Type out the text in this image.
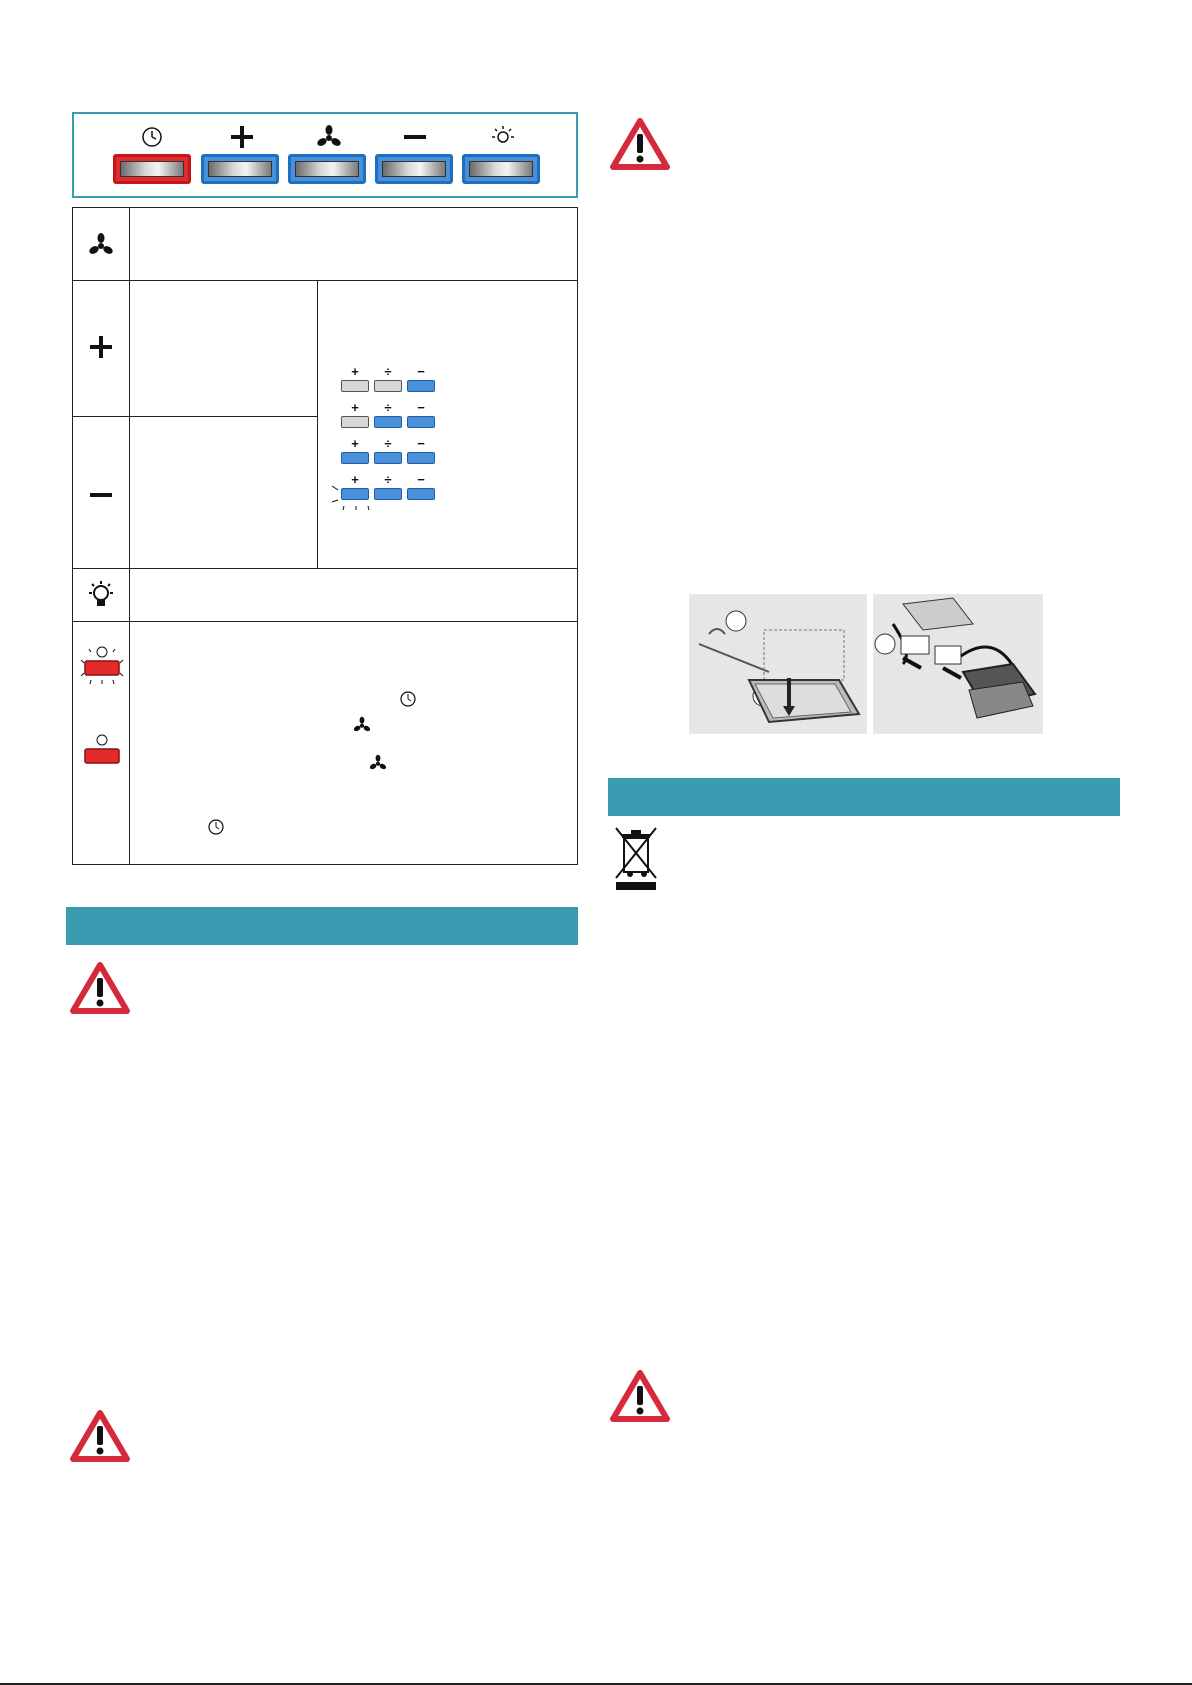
+	÷	−
+	÷	−
+	÷	−
+	÷	−
